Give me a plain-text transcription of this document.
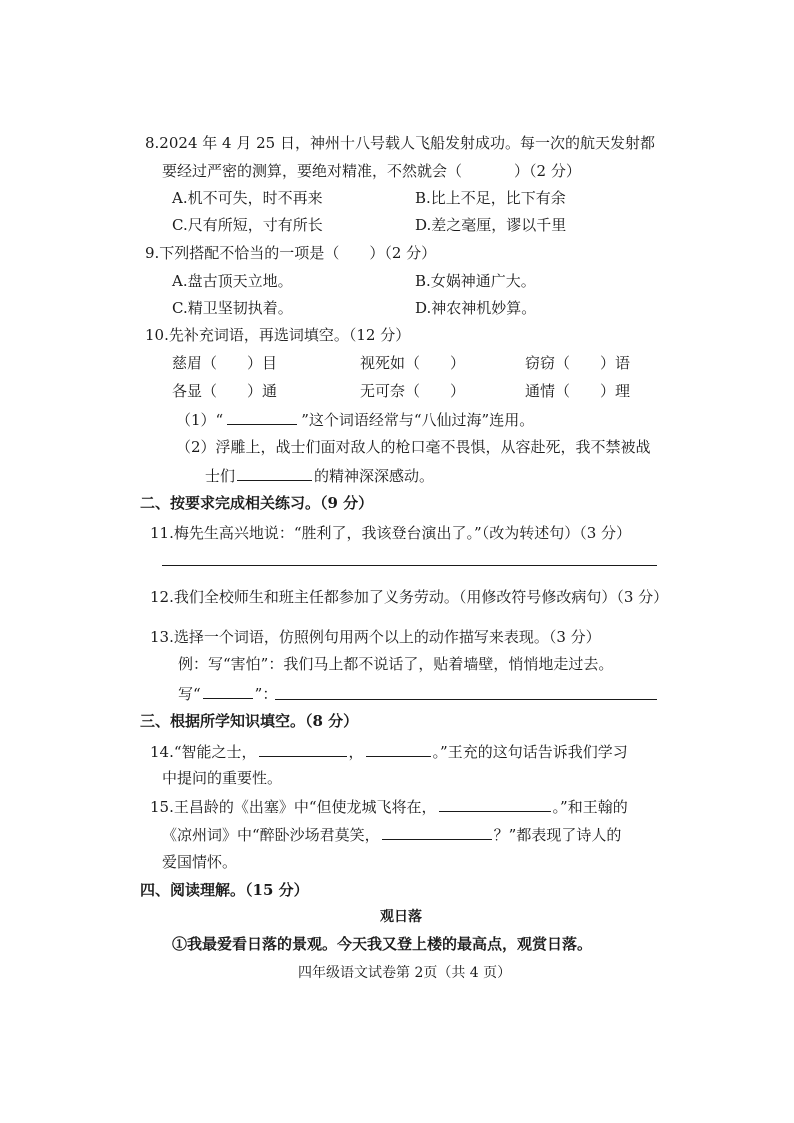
8.2024 年 4 月 25 日，神州十八号载人飞船发射成功。每一次的航天发射都
要经过严密的测算，要绝对精准，不然就会（	）（2 分）
A.机不可失，时不再来	B.比上不足，比下有余
C.尺有所短，寸有所长	D.差之毫厘，谬以千里
9.下列搭配不恰当的一项是（ ）（2 分）
A.盘古顶天立地。	B.女娲神通广大。
C.精卫坚韧执着。	D.神农神机妙算。
10.先补充词语，再选词填空。（12 分）
慈眉（ ）目	视死如（ ）	窃窃（ ）语
各显（ ）通	无可奈（ ）	通情（ ）理
（1）“	”这个词语经常与“八仙过海”连用。
（2）浮雕上，战士们面对敌人的枪口毫不畏惧，从容赴死，我不禁被战
士们	的精神深深感动。
二、按要求完成相关练习。（9 分）
11.梅先生高兴地说：“胜利了，我该登台演出了。”（改为转述句）（3 分）
12.我们全校师生和班主任都参加了义务劳动。（用修改符号修改病句）（3 分）
13.选择一个词语，仿照例句用两个以上的动作描写来表现。（3 分）
例：写“害怕”：我们马上都不说话了，贴着墙壁，悄悄地走过去。
写“	”：
三、根据所学知识填空。（8 分）
14.“智能之士，	，	。”王充的这句话告诉我们学习
中提问的重要性。
15.王昌龄的《出塞》中“但使龙城飞将在，	。”和王翰的
《凉州词》中“醉卧沙场君莫笑，	？”都表现了诗人的
爱国情怀。
四、阅读理解。（15 分）
观日落
①我最爱看日落的景观。今天我又登上楼的最高点，观赏日落。
四年级语文试卷第 2页（共 4 页）
